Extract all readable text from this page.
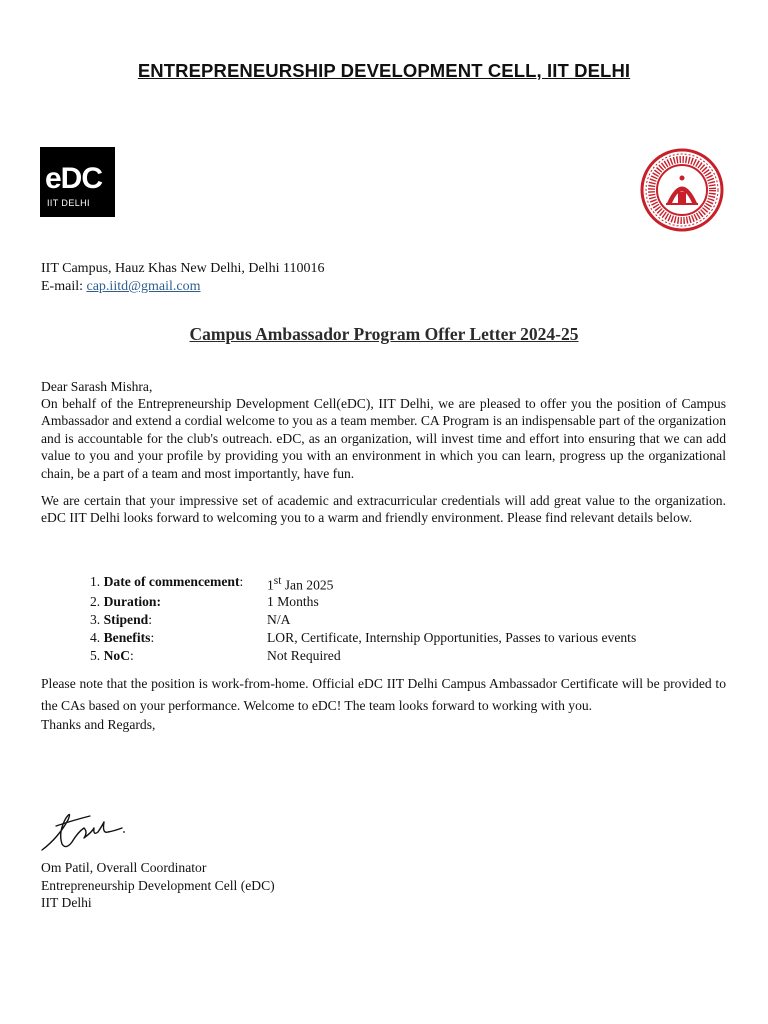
ENTREPRENEURSHIP DEVELOPMENT CELL, IIT DELHI
eDC
IIT DELHI
IIT Campus, Hauz Khas New Delhi, Delhi 110016
E-mail: cap.iitd@gmail.com
Campus Ambassador Program Offer Letter 2024-25
Dear Sarash Mishra,
On behalf of the Entrepreneurship Development Cell(eDC), IIT Delhi, we are pleased to offer you the position of Campus Ambassador and extend a cordial welcome to you as a team member. CA Program is an indispensable part of the organization and is accountable for the club's outreach. eDC, as an organization, will invest time and effort into ensuring that we can add value to you and your profile by providing you with an environment in which you can learn, progress up the organizational chain, be a part of a team and most importantly, have fun.
We are certain that your impressive set of academic and extracurricular credentials will add great value to the organization. eDC IIT Delhi looks forward to welcoming you to a warm and friendly environment. Please find relevant details below.
1. Date of commencement:	1st Jan 2025
2. Duration:	1 Months
3. Stipend:	N/A
4. Benefits:	LOR, Certificate, Internship Opportunities, Passes to various events
5. NoC:	Not Required
Please note that the position is work-from-home. Official eDC IIT Delhi Campus Ambassador Certificate will be provided to the CAs based on your performance. Welcome to eDC! The team looks forward to working with you.
Thanks and Regards,
Om Patil, Overall Coordinator
Entrepreneurship Development Cell (eDC)
IIT Delhi
